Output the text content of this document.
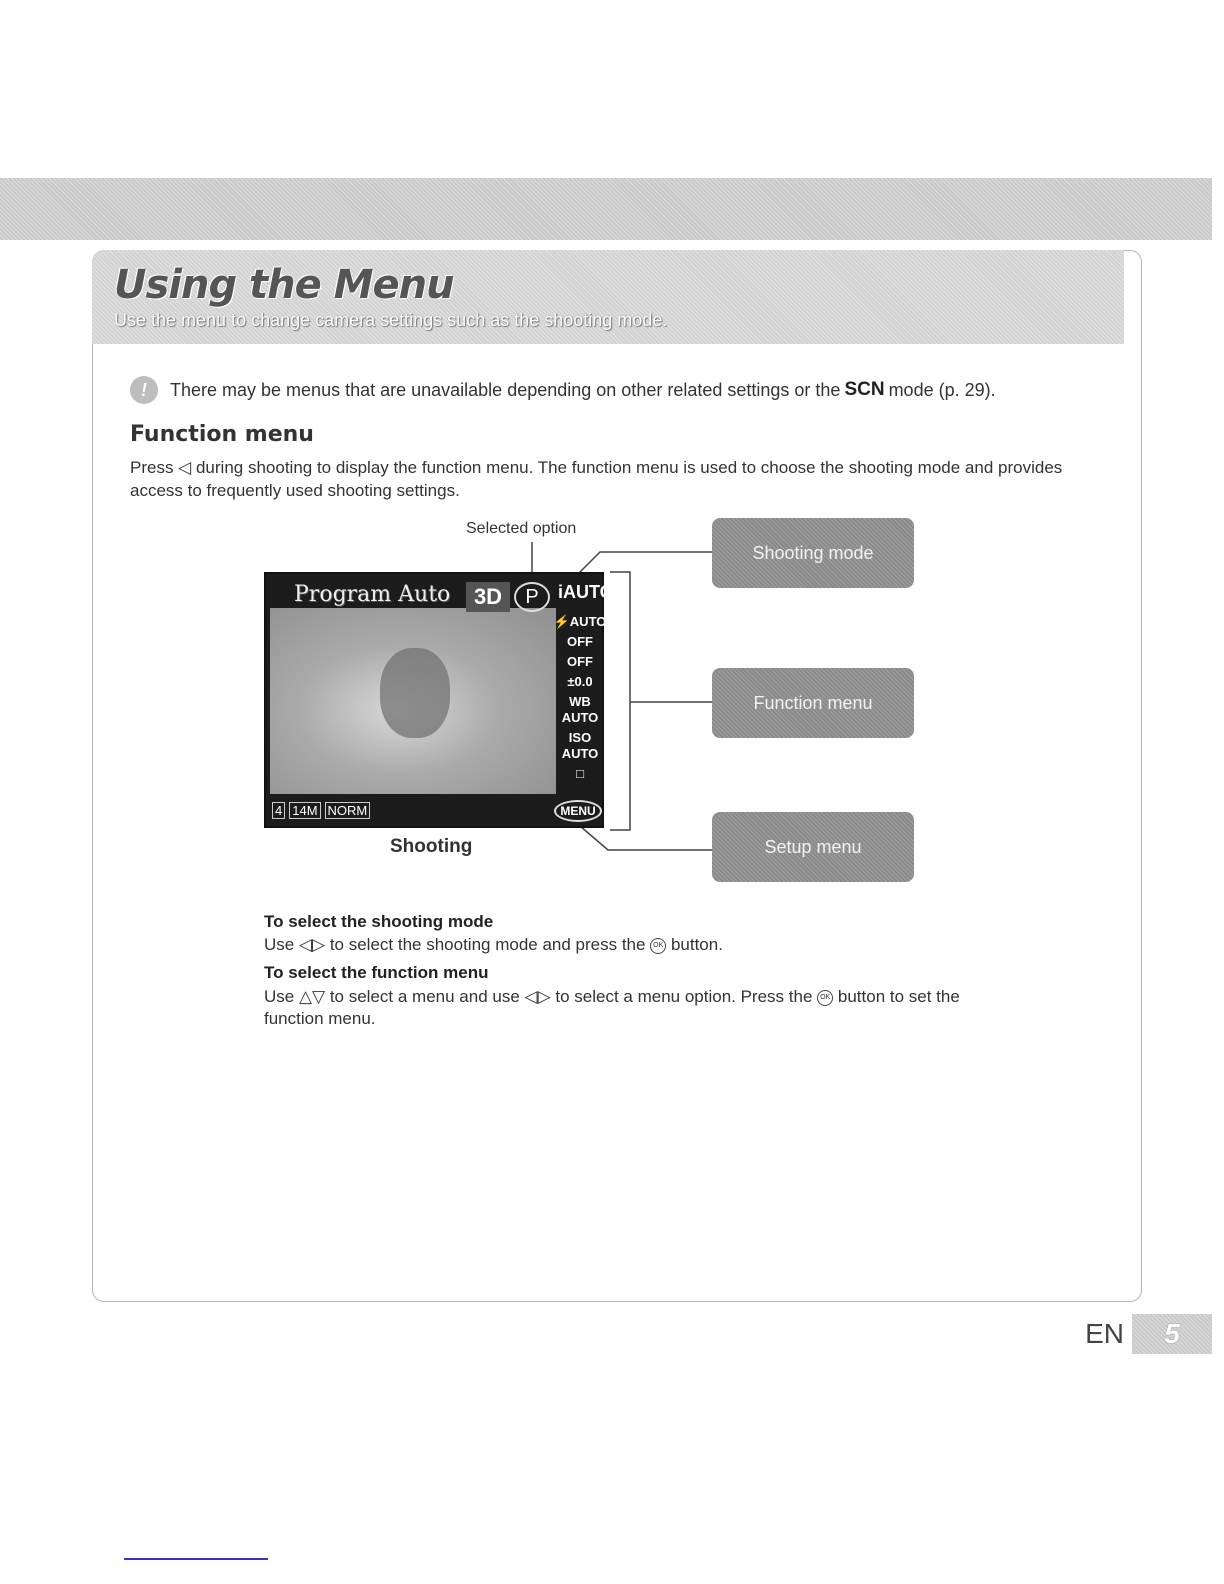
Using the Menu
Use the menu to change camera settings such as the shooting mode.
!	There may be menus that are unavailable depending on other related settings or the SCN mode (p. 29).
Function menu

Press ◁ during shooting to display the function menu. The function menu is used to choose the shooting mode and provides access to frequently used shooting settings.

Selected option
Program Auto	3D	P	iAUTO
⚡AUTO
OFF
OFF
±0.0
WB AUTO
ISO AUTO
□
MENU
4 14M NORM
Shooting
Shooting mode
Function menu
Setup menu
To select the shooting mode

Use ◁▷ to select the shooting mode and press the OK button.

To select the function menu

Use △▽ to select a menu and use ◁▷ to select a menu option. Press the OK button to set the function menu.

EN	5
